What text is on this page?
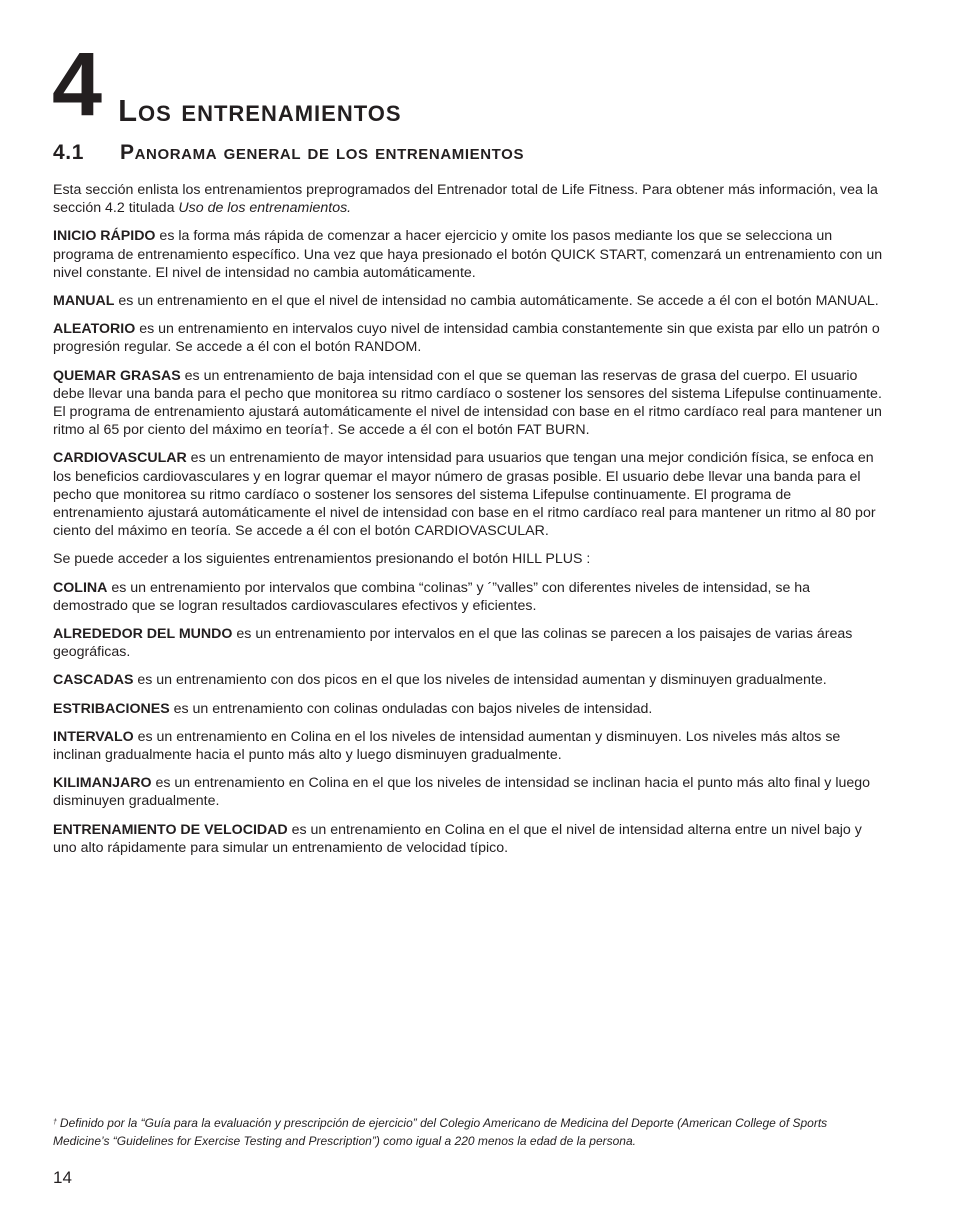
4 Los entrenamientos
4.1	Panorama general de los entrenamientos

Esta sección enlista los entrenamientos preprogramados del Entrenador total de Life Fitness. Para obtener más información, vea la sección 4.2 titulada Uso de los entrenamientos.

INICIO RÁPIDO es la forma más rápida de comenzar a hacer ejercicio y omite los pasos mediante los que se selecciona un programa de entrenamiento específico. Una vez que haya presionado el botón QUICK START, comenzará un entrenamiento con un nivel constante. El nivel de intensidad no cambia automáticamente.

MANUAL es un entrenamiento en el que el nivel de intensidad no cambia automáticamente. Se accede a él con el botón MANUAL.

ALEATORIO es un entrenamiento en intervalos cuyo nivel de intensidad cambia constantemente sin que exista par ello un patrón o progresión regular. Se accede a él con el botón RANDOM.

QUEMAR GRASAS es un entrenamiento de baja intensidad con el que se queman las reservas de grasa del cuerpo. El usuario debe llevar una banda para el pecho que monitorea su ritmo cardíaco o sostener los sensores del sistema Lifepulse continuamente. El programa de entrenamiento ajustará automáticamente el nivel de intensidad con base en el ritmo cardíaco real para mantener un ritmo al 65 por ciento del máximo en teoría†. Se accede a él con el botón FAT BURN.

CARDIOVASCULAR es un entrenamiento de mayor intensidad para usuarios que tengan una mejor condición física, se enfoca en los beneficios cardiovasculares y en lograr quemar el mayor número de grasas posible. El usuario debe llevar una banda para el pecho que monitorea su ritmo cardíaco o sostener los sensores del sistema Lifepulse continuamente. El programa de entrenamiento ajustará automáticamente el nivel de intensidad con base en el ritmo cardíaco real para mantener un ritmo al 80 por ciento del máximo en teoría. Se accede a él con el botón CARDIOVASCULAR.

Se puede acceder a los siguientes entrenamientos presionando el botón HILL PLUS :

COLINA es un entrenamiento por intervalos que combina “colinas” y ´”valles” con diferentes niveles de intensidad, se ha demostrado que se logran resultados cardiovasculares efectivos y eficientes.

ALREDEDOR DEL MUNDO es un entrenamiento por intervalos en el que las colinas se parecen a los paisajes de varias áreas geográficas.

CASCADAS es un entrenamiento con dos picos en el que los niveles de intensidad aumentan y disminuyen gradualmente.

ESTRIBACIONES es un entrenamiento con colinas onduladas con bajos niveles de intensidad.

INTERVALO es un entrenamiento en Colina en el los niveles de intensidad aumentan y disminuyen. Los niveles más altos se inclinan gradualmente hacia el punto más alto y luego disminuyen gradualmente.

KILIMANJARO es un entrenamiento en Colina en el que los niveles de intensidad se inclinan hacia el punto más alto final y luego disminuyen gradualmente.

ENTRENAMIENTO DE VELOCIDAD es un entrenamiento en Colina en el que el nivel de intensidad alterna entre un nivel bajo y uno alto rápidamente para simular un entrenamiento de velocidad típico.

† Definido por la “Guía para la evaluación y prescripción de ejercicio” del Colegio Americano de Medicina del Deporte (American College of Sports Medicine’s “Guidelines for Exercise Testing and Prescription”) como igual a 220 menos la edad de la persona.
14
